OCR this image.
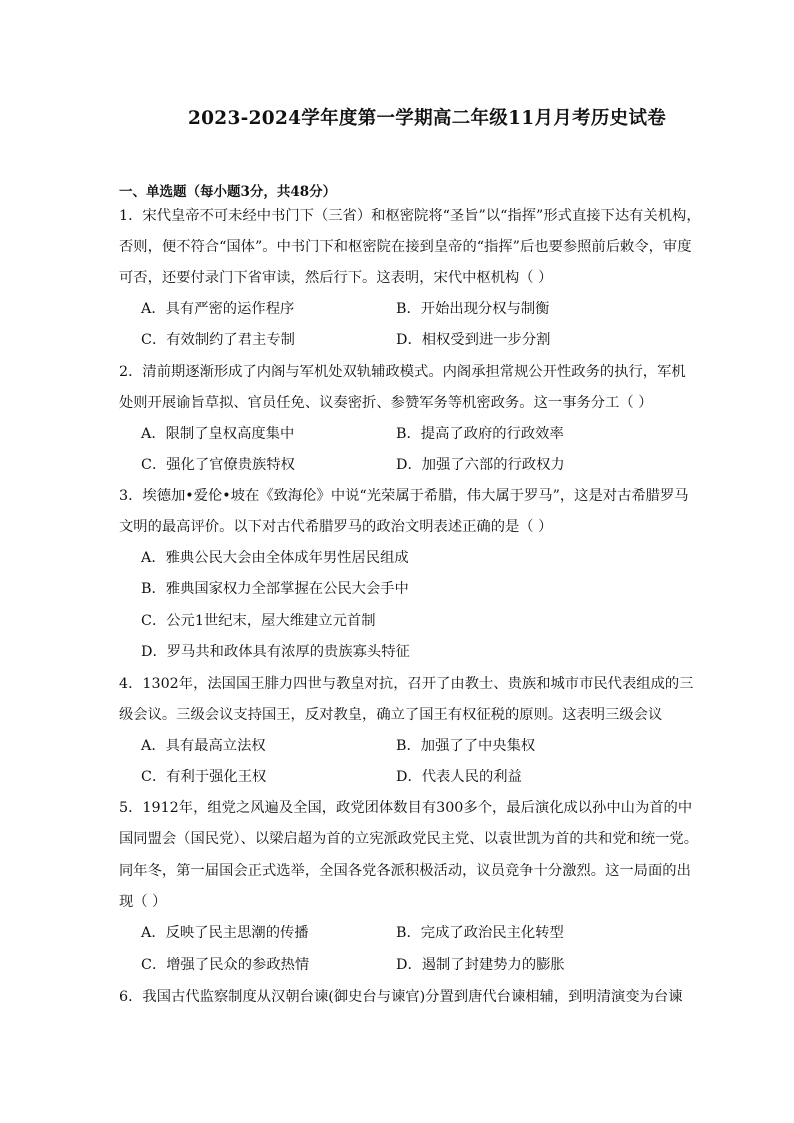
2023-2024学年度第一学期高二年级11月月考历史试卷
一、单选题（每小题3分，共48分）
1．宋代皇帝不可未经中书门下（三省）和枢密院将“圣旨”以“指挥”形式直接下达有关机构，
否则，便不符合“国体”。中书门下和枢密院在接到皇帝的“指挥”后也要参照前后敕令，审度
可否，还要付录门下省审读，然后行下。这表明，宋代中枢机构（ ）
A．具有严密的运作程序	B．开始出现分权与制衡
C．有效制约了君主专制	D．相权受到进一步分割
2．清前期逐渐形成了内阁与军机处双轨辅政模式。内阁承担常规公开性政务的执行，军机
处则开展谕旨草拟、官员任免、议奏密折、参赞军务等机密政务。这一事务分工（ ）
A．限制了皇权高度集中	B．提高了政府的行政效率
C．强化了官僚贵族特权	D．加强了六部的行政权力
3．埃德加•爱伦•坡在《致海伦》中说“光荣属于希腊，伟大属于罗马”，这是对古希腊罗马
文明的最高评价。以下对古代希腊罗马的政治文明表述正确的是（ ）
A．雅典公民大会由全体成年男性居民组成
B．雅典国家权力全部掌握在公民大会手中
C．公元1世纪末，屋大维建立元首制
D．罗马共和政体具有浓厚的贵族寡头特征
4．1302年，法国国王腓力四世与教皇对抗，召开了由教士、贵族和城市市民代表组成的三
级会议。三级会议支持国王，反对教皇，确立了国王有权征税的原则。这表明三级会议
A．具有最高立法权	B．加强了了中央集权
C．有利于强化王权	D．代表人民的利益
5．1912年，组党之风遍及全国，政党团体数目有300多个，最后演化成以孙中山为首的中
国同盟会（国民党）、以梁启超为首的立宪派政党民主党、以袁世凯为首的共和党和统一党。
同年冬，第一届国会正式选举，全国各党各派积极活动，议员竞争十分激烈。这一局面的出
现（ ）
A．反映了民主思潮的传播	B．完成了政治民主化转型
C．增强了民众的参政热情	D．遏制了封建势力的膨胀
6．我国古代监察制度从汉朝台谏(御史台与谏官)分置到唐代台谏相辅，到明清演变为台谏
